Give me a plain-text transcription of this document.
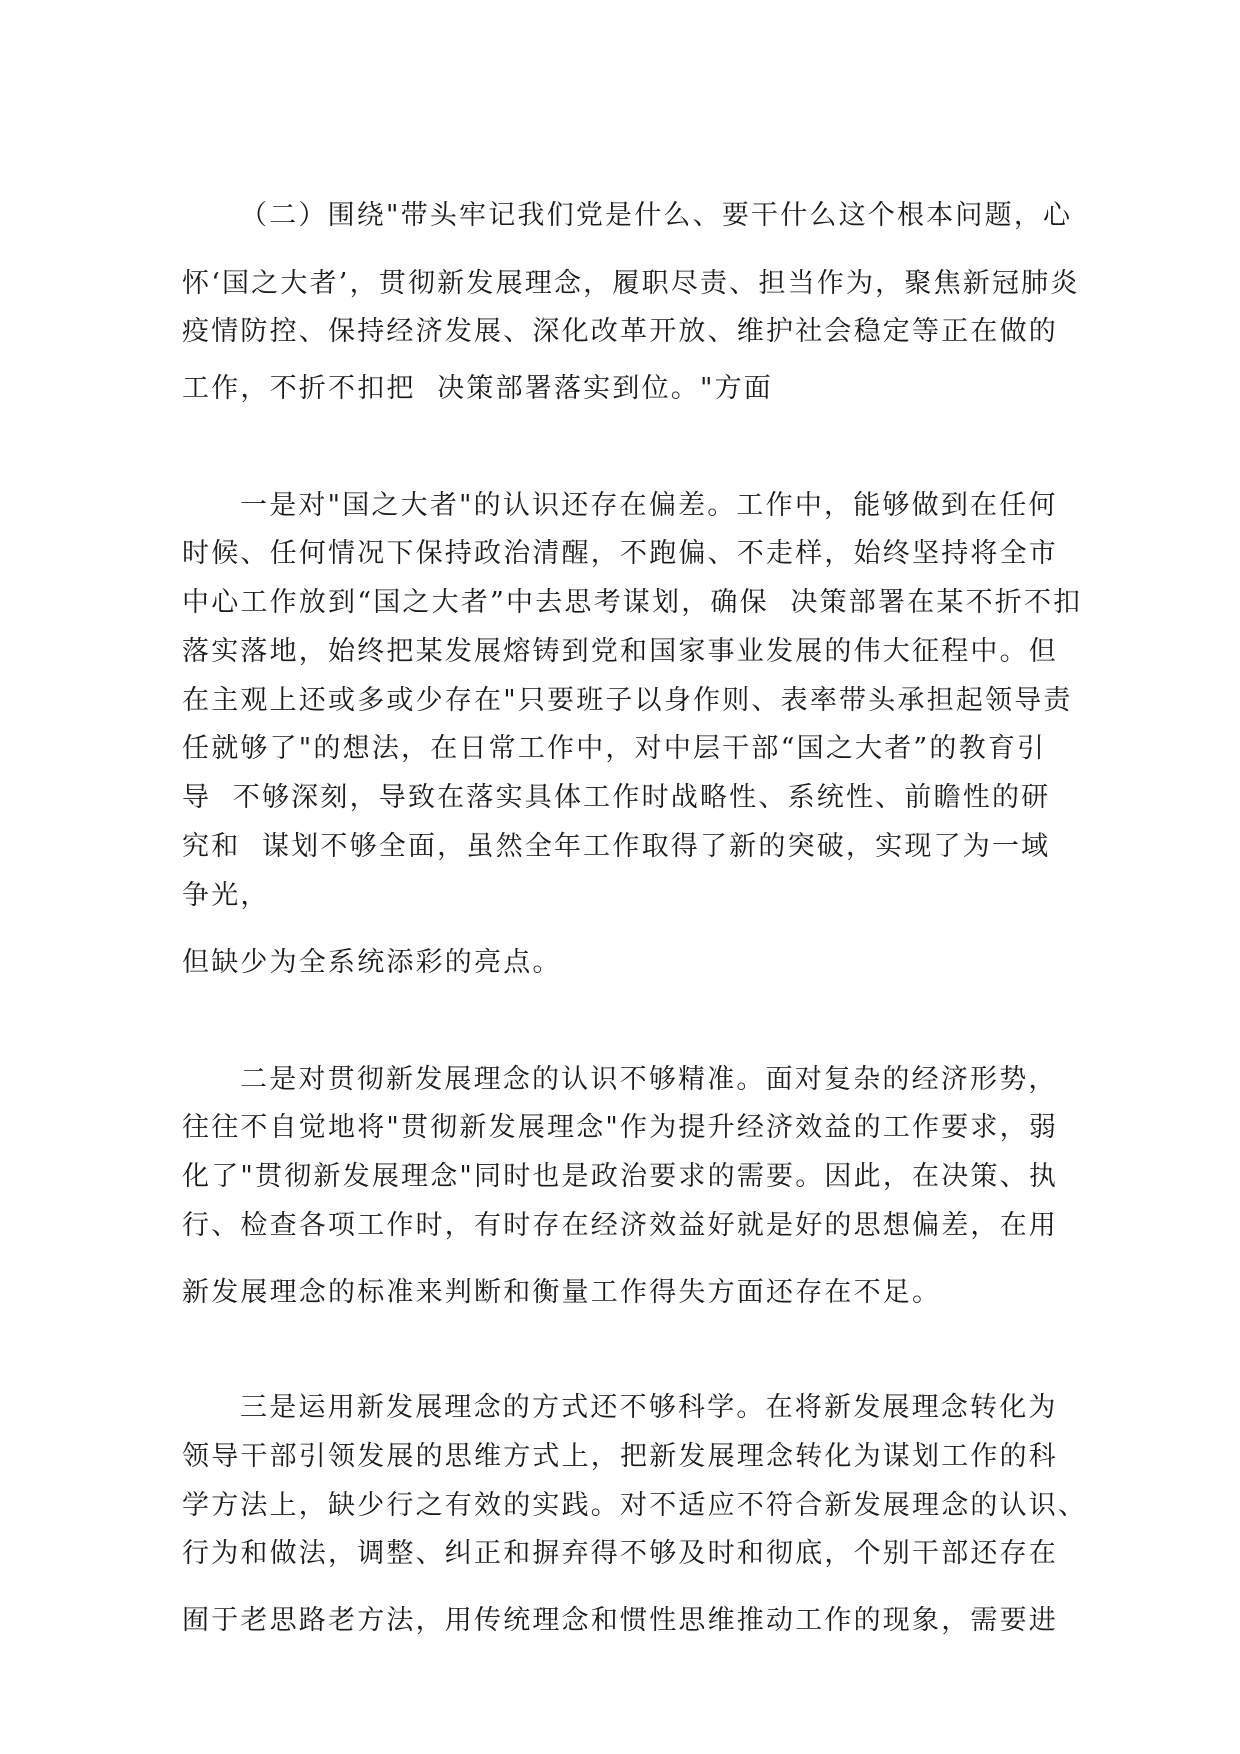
（二）围绕"带头牢记我们党是什么、要干什么这个根本问题，心

怀‘国之大者’，贯彻新发展理念，履职尽责、担当作为，聚焦新冠肺炎

疫情防控、保持经济发展、深化改革开放、维护社会稳定等正在做的

工作，不折不扣把  决策部署落实到位。"方面

一是对"国之大者"的认识还存在偏差。工作中，能够做到在任何

时候、任何情况下保持政治清醒，不跑偏、不走样，始终坚持将全市

中心工作放到“国之大者”中去思考谋划，确保  决策部署在某不折不扣

落实落地，始终把某发展熔铸到党和国家事业发展的伟大征程中。但

在主观上还或多或少存在"只要班子以身作则、表率带头承担起领导责

任就够了"的想法，在日常工作中，对中层干部“国之大者”的教育引

导  不够深刻，导致在落实具体工作时战略性、系统性、前瞻性的研

究和  谋划不够全面，虽然全年工作取得了新的突破，实现了为一域

争光，

但缺少为全系统添彩的亮点。

二是对贯彻新发展理念的认识不够精准。面对复杂的经济形势，

往往不自觉地将"贯彻新发展理念"作为提升经济效益的工作要求，弱

化了"贯彻新发展理念"同时也是政治要求的需要。因此，在决策、执

行、检查各项工作时，有时存在经济效益好就是好的思想偏差，在用

新发展理念的标准来判断和衡量工作得失方面还存在不足。

三是运用新发展理念的方式还不够科学。在将新发展理念转化为

领导干部引领发展的思维方式上，把新发展理念转化为谋划工作的科

学方法上，缺少行之有效的实践。对不适应不符合新发展理念的认识、

行为和做法，调整、纠正和摒弃得不够及时和彻底，个别干部还存在

囿于老思路老方法，用传统理念和惯性思维推动工作的现象，需要进
